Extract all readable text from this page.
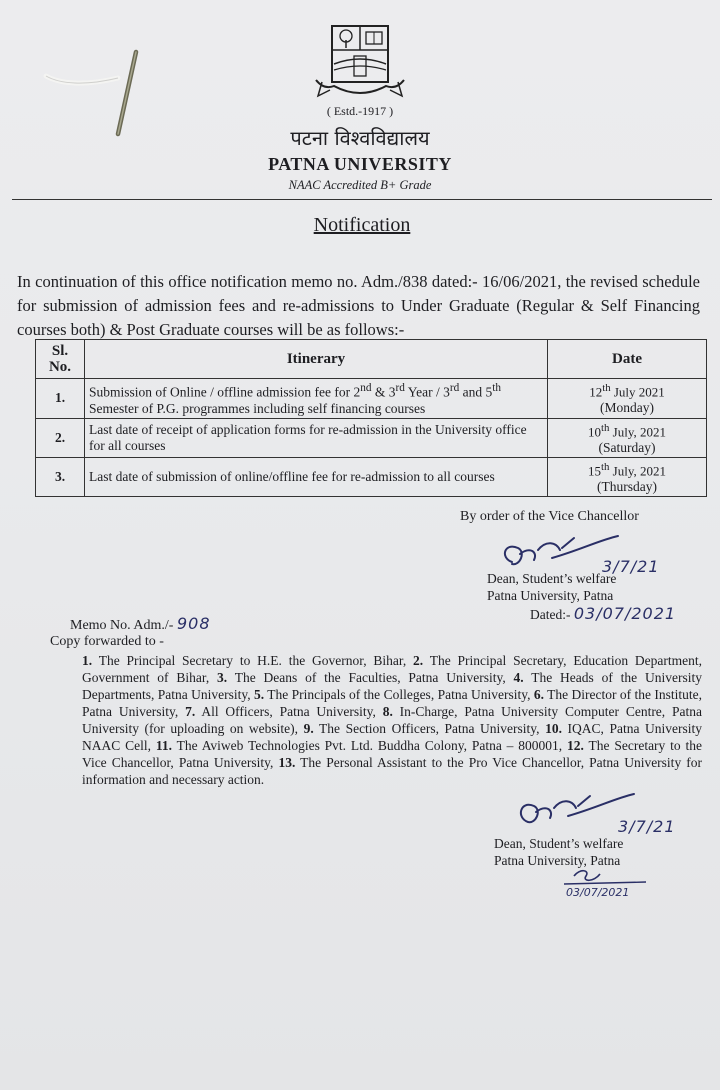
( Estd.-1917 )
पटना विश्वविद्यालय
PATNA UNIVERSITY
NAAC Accredited B+ Grade
Notification
In continuation of this office notification memo no. Adm./838 dated:- 16/06/2021, the revised schedule for submission of admission fees and re-admissions to Under Graduate (Regular & Self Financing courses both) & Post Graduate courses will be as follows:-
Sl. No.	Itinerary	Date
1.	Submission of Online / offline admission fee for 2nd & 3rd Year / 3rd and 5th Semester of P.G. programmes including self financing courses	12th July 2021
(Monday)
2.	Last date of receipt of application forms for re-admission in the University office for all courses	10th July, 2021
(Saturday)
3.	Last date of submission of online/offline fee for re-admission to all courses	15th July, 2021
(Thursday)
By order of the Vice Chancellor
3/7/21
Dean, Student’s welfare
Patna University, Patna
Dated:- 03/07/2021
Memo No. Adm./- 908
Copy forwarded to -
1. The Principal Secretary to H.E. the Governor, Bihar, 2. The Principal Secretary, Education Department, Government of Bihar, 3. The Deans of the Faculties, Patna University, 4. The Heads of the University Departments, Patna University, 5. The Principals of the Colleges, Patna University, 6. The Director of the Institute, Patna University, 7. All Officers, Patna University, 8. In-Charge, Patna University Computer Centre, Patna University (for uploading on website), 9. The Section Officers, Patna University, 10. IQAC, Patna University NAAC Cell, 11. The Aviweb Technologies Pvt. Ltd. Buddha Colony, Patna – 800001, 12. The Secretary to the Vice Chancellor, Patna University, 13. The Personal Assistant to the Pro Vice Chancellor, Patna University for information and necessary action.
3/7/21
Dean, Student’s welfare
Patna University, Patna
03/07/2021
